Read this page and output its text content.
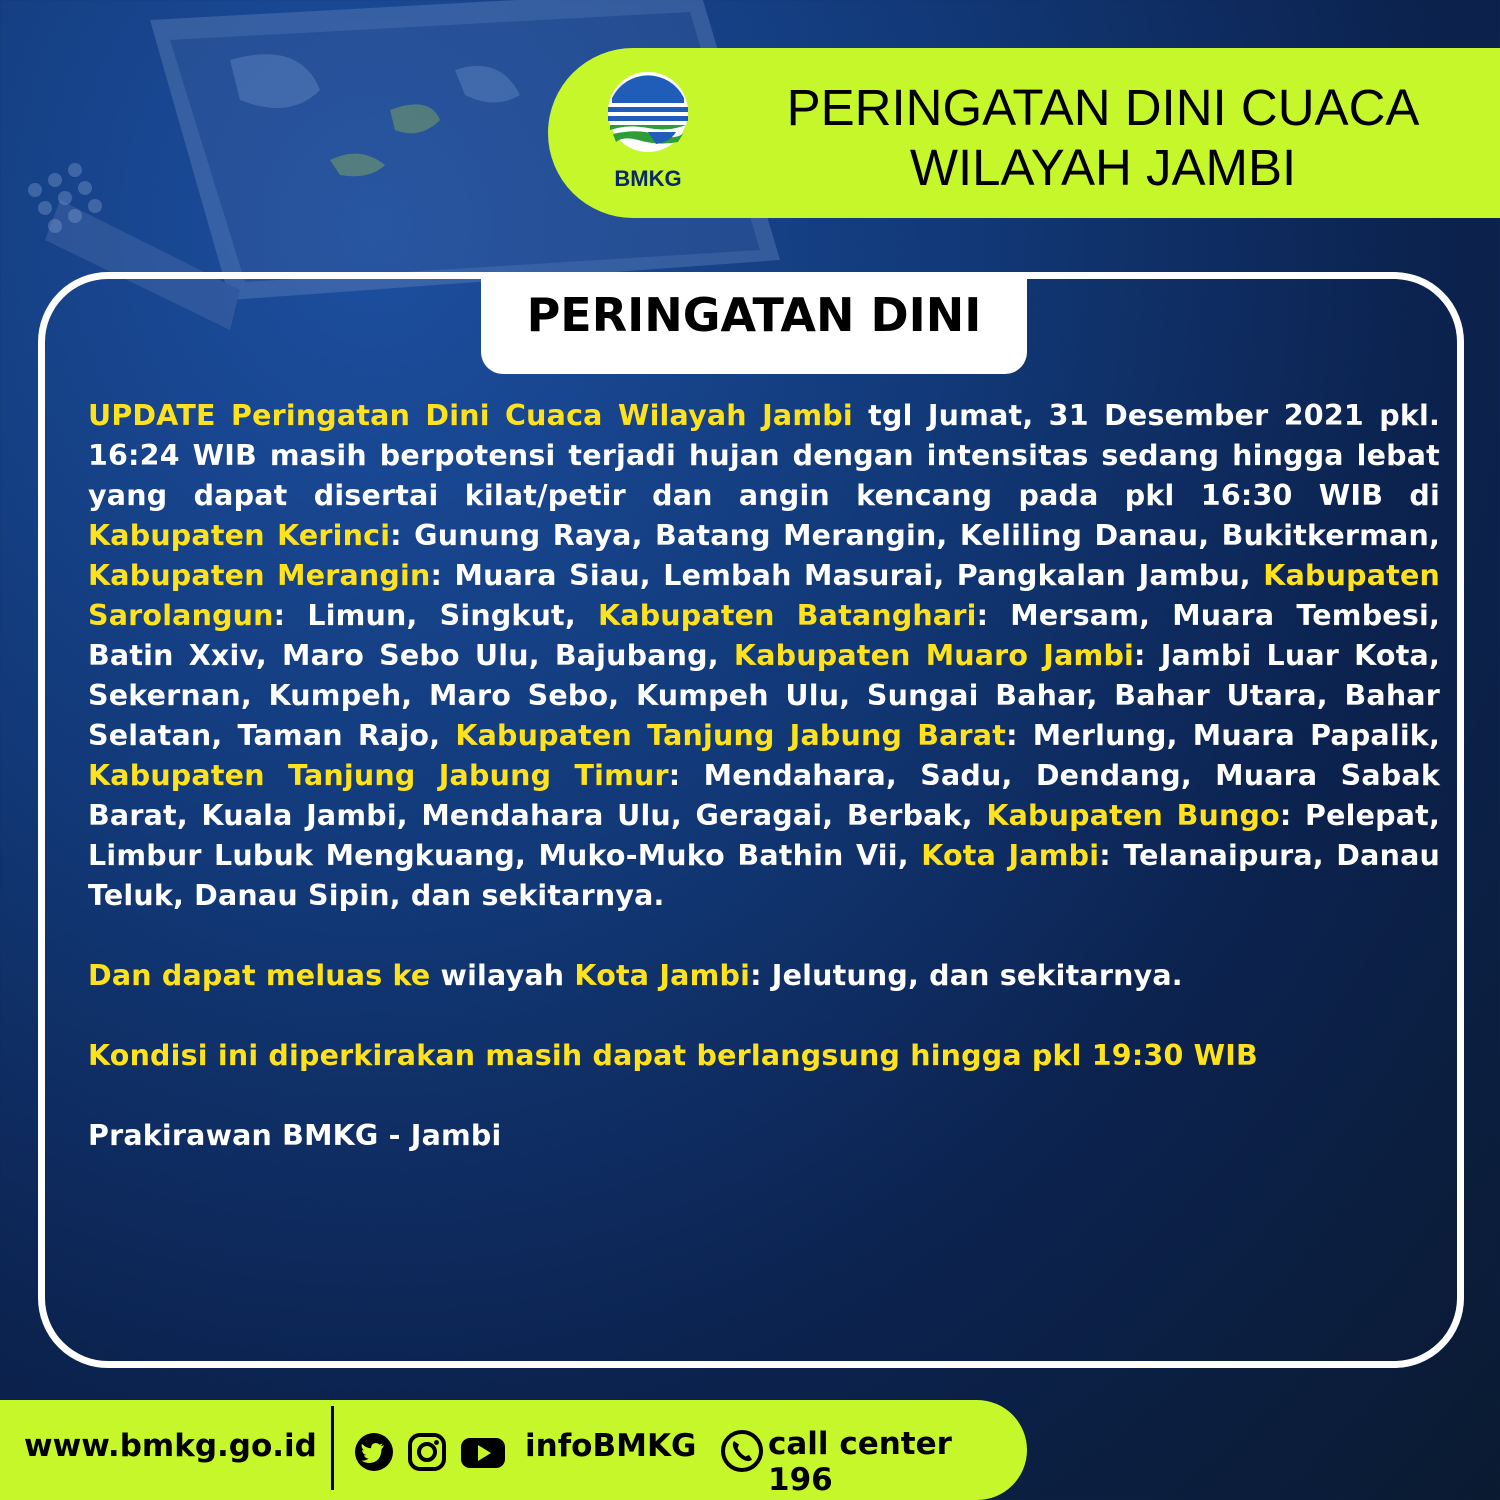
BMKG
PERINGATAN DINI CUACA
WILAYAH JAMBI
PERINGATAN DINI

UPDATE Peringatan Dini Cuaca Wilayah Jambi tgl Jumat, 31 Desember 2021 pkl. 16:24 WIB masih berpotensi terjadi hujan dengan intensitas sedang hingga lebat yang dapat disertai kilat/petir dan angin kencang pada pkl 16:30 WIB di Kabupaten Kerinci: Gunung Raya, Batang Merangin, Keliling Danau, Bukitkerman, Kabupaten Merangin: Muara Siau, Lembah Masurai, Pangkalan Jambu, Kabupaten Sarolangun: Limun, Singkut, Kabupaten Batanghari: Mersam, Muara Tembesi, Batin Xxiv, Maro Sebo Ulu, Bajubang, Kabupaten Muaro Jambi: Jambi Luar Kota, Sekernan, Kumpeh, Maro Sebo, Kumpeh Ulu, Sungai Bahar, Bahar Utara, Bahar Selatan, Taman Rajo, Kabupaten Tanjung Jabung Barat: Merlung, Muara Papalik, Kabupaten Tanjung Jabung Timur: Mendahara, Sadu, Dendang, Muara Sabak Barat, Kuala Jambi, Mendahara Ulu, Geragai, Berbak, Kabupaten Bungo: Pelepat, Limbur Lubuk Mengkuang, Muko-Muko Bathin Vii, Kota Jambi: Telanaipura, Danau Teluk, Danau Sipin, dan sekitarnya.

Dan dapat meluas ke wilayah Kota Jambi: Jelutung, dan sekitarnya.

Kondisi ini diperkirakan masih dapat berlangsung hingga pkl 19:30 WIB

Prakirawan BMKG - Jambi

www.bmkg.go.id	infoBMKG call center 196
